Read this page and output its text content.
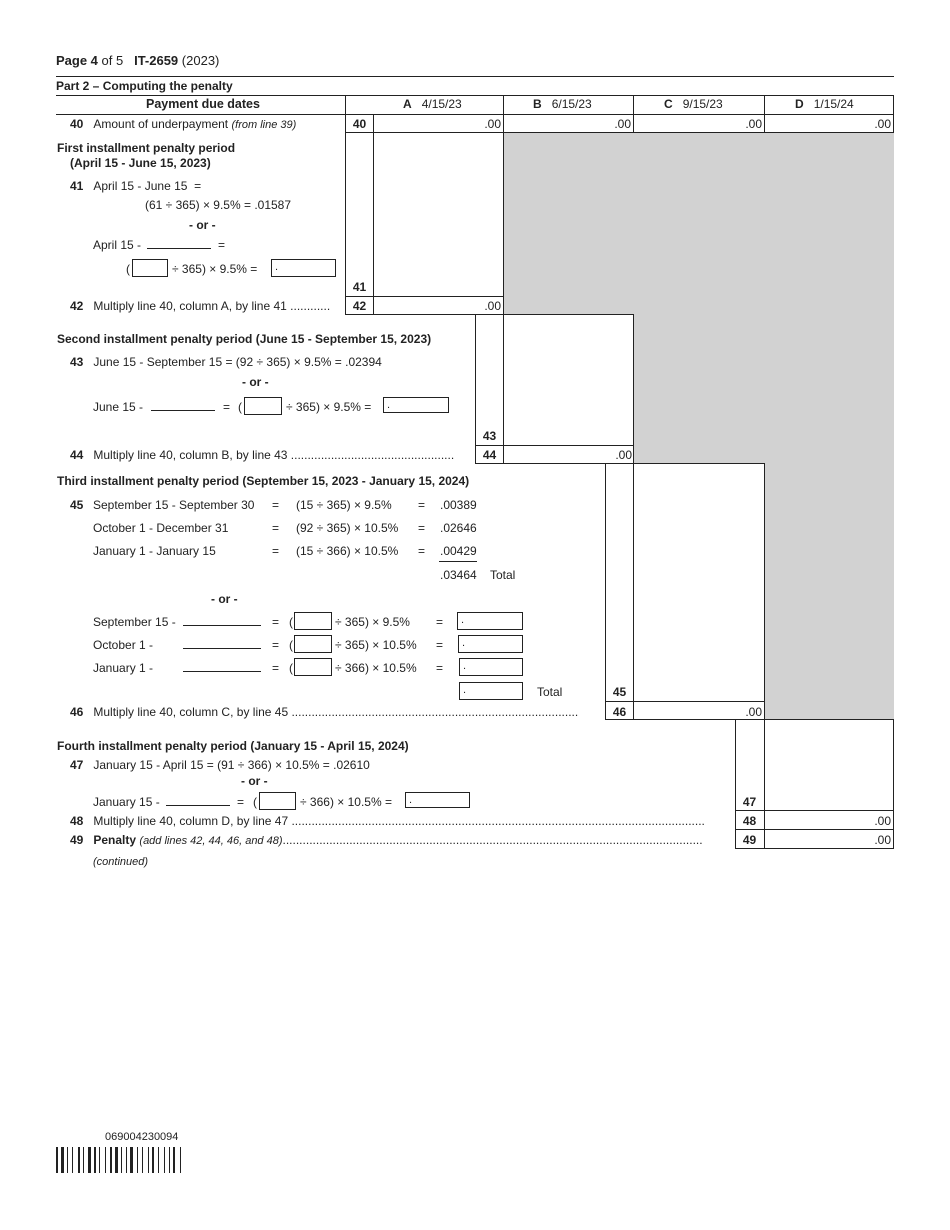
Page 4 of 5 IT-2659 (2023)
Part 2 – Computing the penalty
Payment due dates	A 4/15/23	B 6/15/23	C 9/15/23	D 1/15/24
40 Amount of underpayment (from line 39)	40	.00	.00	.00	.00
First installment penalty period
(April 15 - June 15, 2023)
41 April 15 - June 15 =
(61 ÷ 365) × 9.5% = .01587
- or -
April 15 -	=
(	÷ 365) × 9.5% =	.
41
42 Multiply line 40, column A, by line 41 ............	42	.00
Second installment penalty period (June 15 - September 15, 2023)
43 June 15 - September 15 = (92 ÷ 365) × 9.5% = .02394
- or -
June 15 -	= (	÷ 365) × 9.5% =	.
43
44 Multiply line 40, column B, by line 43 .................................................	44	.00
Third installment penalty period (September 15, 2023 - January 15, 2024)
45 September 15 - September 30 = (15 ÷ 365) × 9.5% = .00389
October 1 - December 31	= (92 ÷ 365) × 10.5% = .02646
January 1 - January 15	= (15 ÷ 366) × 10.5% = .00429
.03464 Total
- or -
September 15 -	= (	÷ 365) × 9.5% =	.
October 1 -	= (	÷ 365) × 10.5% =	.
January 1 -	= (	÷ 366) × 10.5% =	.
.	Total	45
46 Multiply line 40, column C, by line 45 ......................................................................................	46	.00
Fourth installment penalty period (January 15 - April 15, 2024)
47 January 15 - April 15 = (91 ÷ 366) × 10.5% = .02610
- or -
January 15 -	= (	÷ 366) × 10.5% =	.	47
48 Multiply line 40, column D, by line 47 ............................................................................................................................	48	.00
49 Penalty (add lines 42, 44, 46, and 48)..............................................................................................................................	49	.00
(continued)
069004230094
